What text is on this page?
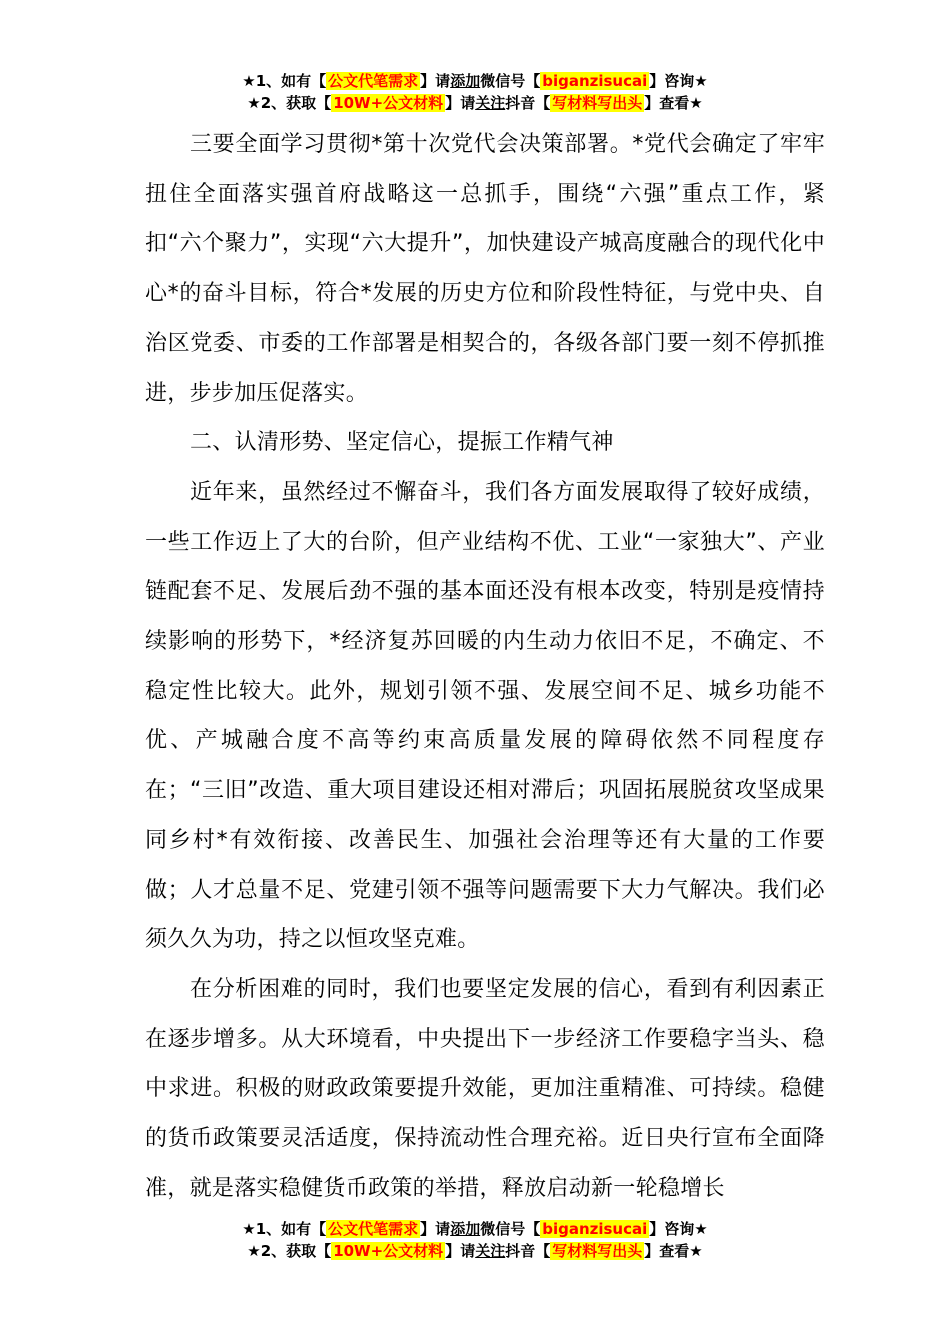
★1、如有【 公文代笔需求 】请添加微信号【 biganzisucai 】咨询★
★2、获取【 10W+公文材料 】请关注抖音【 写材料写出头 】查看★

三要全面学习贯彻*第十次党代会决策部署。*党代会确定了牢牢扭住全面落实强首府战略这一总抓手，围绕“六强”重点工作，紧扣“六个聚力”，实现“六大提升”，加快建设产城高度融合的现代化中心*的奋斗目标，符合*发展的历史方位和阶段性特征，与党中央、自治区党委、市委的工作部署是相契合的，各级各部门要一刻不停抓推进，步步加压促落实。

二、认清形势、坚定信心，提振工作精气神

近年来，虽然经过不懈奋斗，我们各方面发展取得了较好成绩，一些工作迈上了大的台阶，但产业结构不优、工业“一家独大”、产业链配套不足、发展后劲不强的基本面还没有根本改变，特别是疫情持续影响的形势下，*经济复苏回暖的内生动力依旧不足，不确定、不稳定性比较大。此外，规划引领不强、发展空间不足、城乡功能不优、产城融合度不高等约束高质量发展的障碍依然不同程度存在；“三旧”改造、重大项目建设还相对滞后；巩固拓展脱贫攻坚成果同乡村*有效衔接、改善民生、加强社会治理等还有大量的工作要做；人才总量不足、党建引领不强等问题需要下大力气解决。我们必须久久为功，持之以恒攻坚克难。

在分析困难的同时，我们也要坚定发展的信心，看到有利因素正在逐步增多。从大环境看，中央提出下一步经济工作要稳字当头、稳中求进。积极的财政政策要提升效能，更加注重精准、可持续。稳健的货币政策要灵活适度，保持流动性合理充裕。近日央行宣布全面降准，就是落实稳健货币政策的举措，释放启动新一轮稳增长

★1、如有【 公文代笔需求 】请添加微信号【 biganzisucai 】咨询★
★2、获取【 10W+公文材料 】请关注抖音【 写材料写出头 】查看★
